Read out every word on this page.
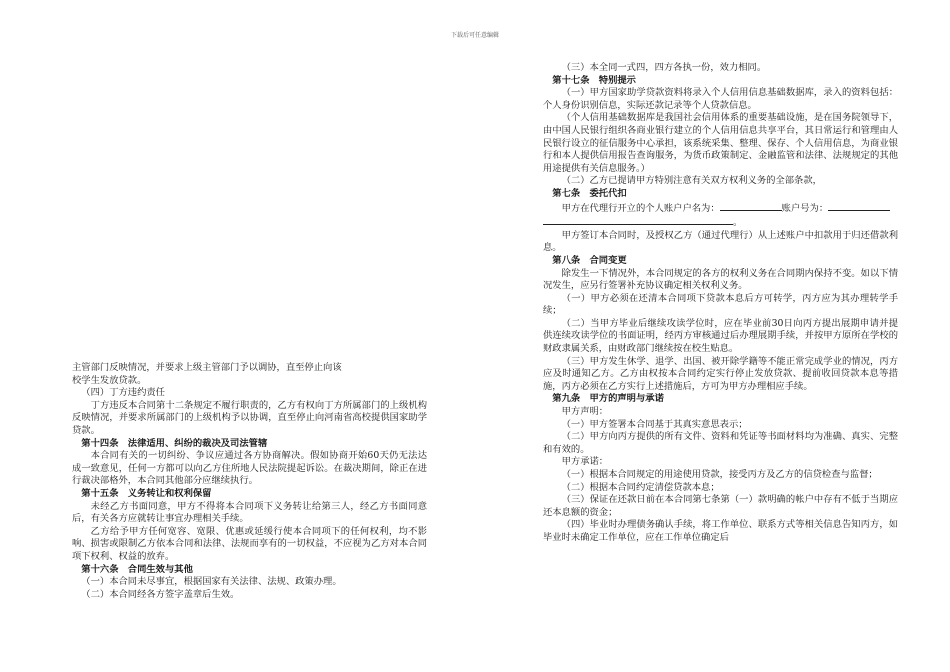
下载后可任意编辑

主管部门反映情况，并要求上级主管部门予以调协，直至停止向该

校学生发放贷款。

（四）丁方违约责任

丁方违反本合同第十二条规定不履行职责的，乙方有权向丁方所属部门的上级机构反映情况，并要求所属部门的上级机构予以协调，直至停止向河南省高校提供国家助学贷款。

第十四条　法律适用、纠纷的裁决及司法管辖

本合同有关的一切纠纷、争议应通过各方协商解决。假如协商开始60天仍无法达成一致意见，任何一方都可以向乙方住所地人民法院提起诉讼。在裁决期间，除正在进行裁决部格外，本合同其他部分应继续执行。

第十五条　义务转让和权利保留

未经乙方书面同意，甲方不得将本合同项下义务转让给第三人，经乙方书面同意后，有关各方应就转让事宜办理相关手续。

乙方给予甲方任何宽容、宽限、优惠或延缓行使本合同项下的任何权利，均不影响、损害或限制乙方依本合同和法律、法规而享有的一切权益，不应视为乙方对本合同项下权利、权益的放弃。

第十六条　合同生效与其他

（一）本合同未尽事宜，根据国家有关法律、法规、政策办理。

（二）本合同经各方签字盖章后生效。

（三）本全同一式四，四方各执一份，效力相同。

第十七条　特别提示

（一）甲方国家助学贷款资料将录入个人信用信息基础数据库，录入的资料包括：个人身份识别信息，实际还款记录等个人贷款信息。

（个人信用基础数据库是我国社会信用体系的重要基础设施，是在国务院领导下，由中国人民银行组织各商业银行建立的个人信用信息共享平台，其日常运行和管理由人民银行设立的征信服务中心承担，该系统采集、整理、保存、个人信用信息，为商业银行和本人提供信用报告查询服务，为货币政策制定、金融监管和法律、法规规定的其他用途提供有关信息服务。）

（二）乙方已提请甲方特别注意有关双方权利义务的全部条款，

第七条　委托代扣

甲方在代理行开立的个人账户户名为：	账户号为：

。

甲方签订本合同时，及授权乙方（通过代理行）从上述账户中扣款用于归还借款利息。

第八条　合同变更

除发生一下情况外，本合同规定的各方的权利义务在合同期内保持不变。如以下情况发生，应另行签署补充协议确定相关权利义务。

（一）甲方必须在还清本合同项下贷款本息后方可转学，丙方应为其办理转学手续；

（二）当甲方毕业后继续攻读学位时，应在毕业前30日向丙方提出展期申请并提供连续攻读学位的书面证明，经丙方审核通过后办理展期手续，并按甲方原所在学校的财政隶属关系，由财政部门继续按在校生贴息。

（三）甲方发生休学、退学、出国、被开除学籍等不能正常完成学业的情况，丙方应及时通知乙方。乙方由权按本合同约定实行停止发放贷款、提前收回贷款本息等措施，丙方必须在乙方实行上述措施后，方可为甲方办理相应手续。

第九条　甲方的声明与承诺

甲方声明：

（一）甲方签署本合同基于其真实意思表示；

（二）甲方向丙方提供的所有文件、资料和凭证等书面材料均为准确、真实、完整和有效的。

甲方承诺：

（一）根据本合同规定的用途使用贷款，接受丙方及乙方的信贷检查与监督；

（二）根据本合同约定清偿贷款本息；

（三）保证在还款日前在本合同第七条第（一）款明确的帐户中存有不低于当期应还本息额的资金；

（四）毕业时办理债务确认手续，将工作单位、联系方式等相关信息告知丙方，如毕业时未确定工作单位，应在工作单位确定后
